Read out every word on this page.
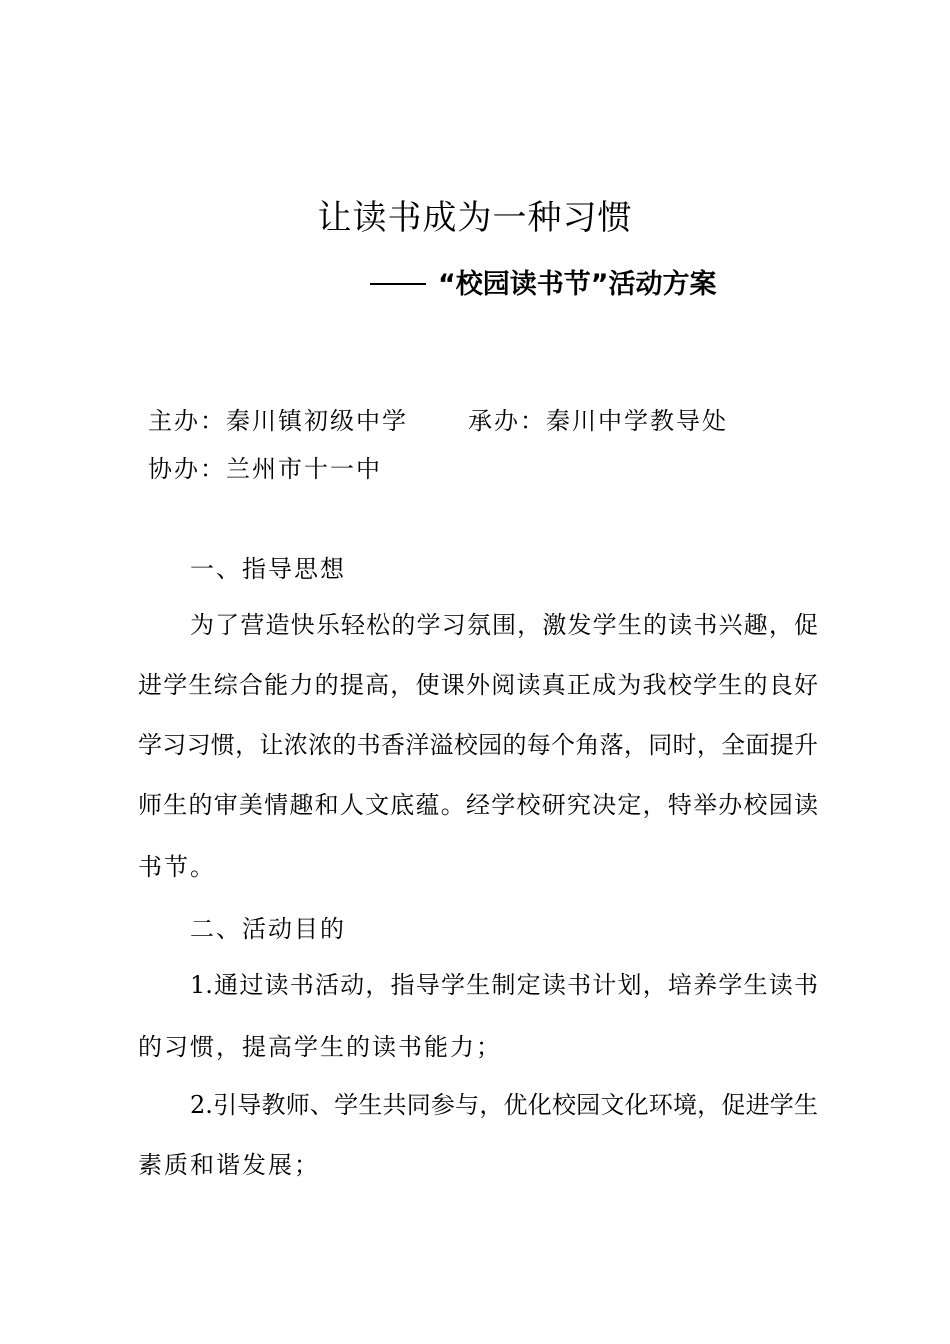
让读书成为一种习惯
“校园读书节”活动方案
主办：秦川镇初级中学	承办：秦川中学教导处
协办：兰州市十一中
一、指导思想
为了营造快乐轻松的学习氛围，激发学生的读书兴趣，促
进学生综合能力的提高，使课外阅读真正成为我校学生的良好
学习习惯，让浓浓的书香洋溢校园的每个角落，同时，全面提升
师生的审美情趣和人文底蕴。经学校研究决定，特举办校园读
书节。
二、活动目的
1.通过读书活动，指导学生制定读书计划，培养学生读书
的习惯，提高学生的读书能力；
2.引导教师、学生共同参与，优化校园文化环境，促进学生
素质和谐发展；
